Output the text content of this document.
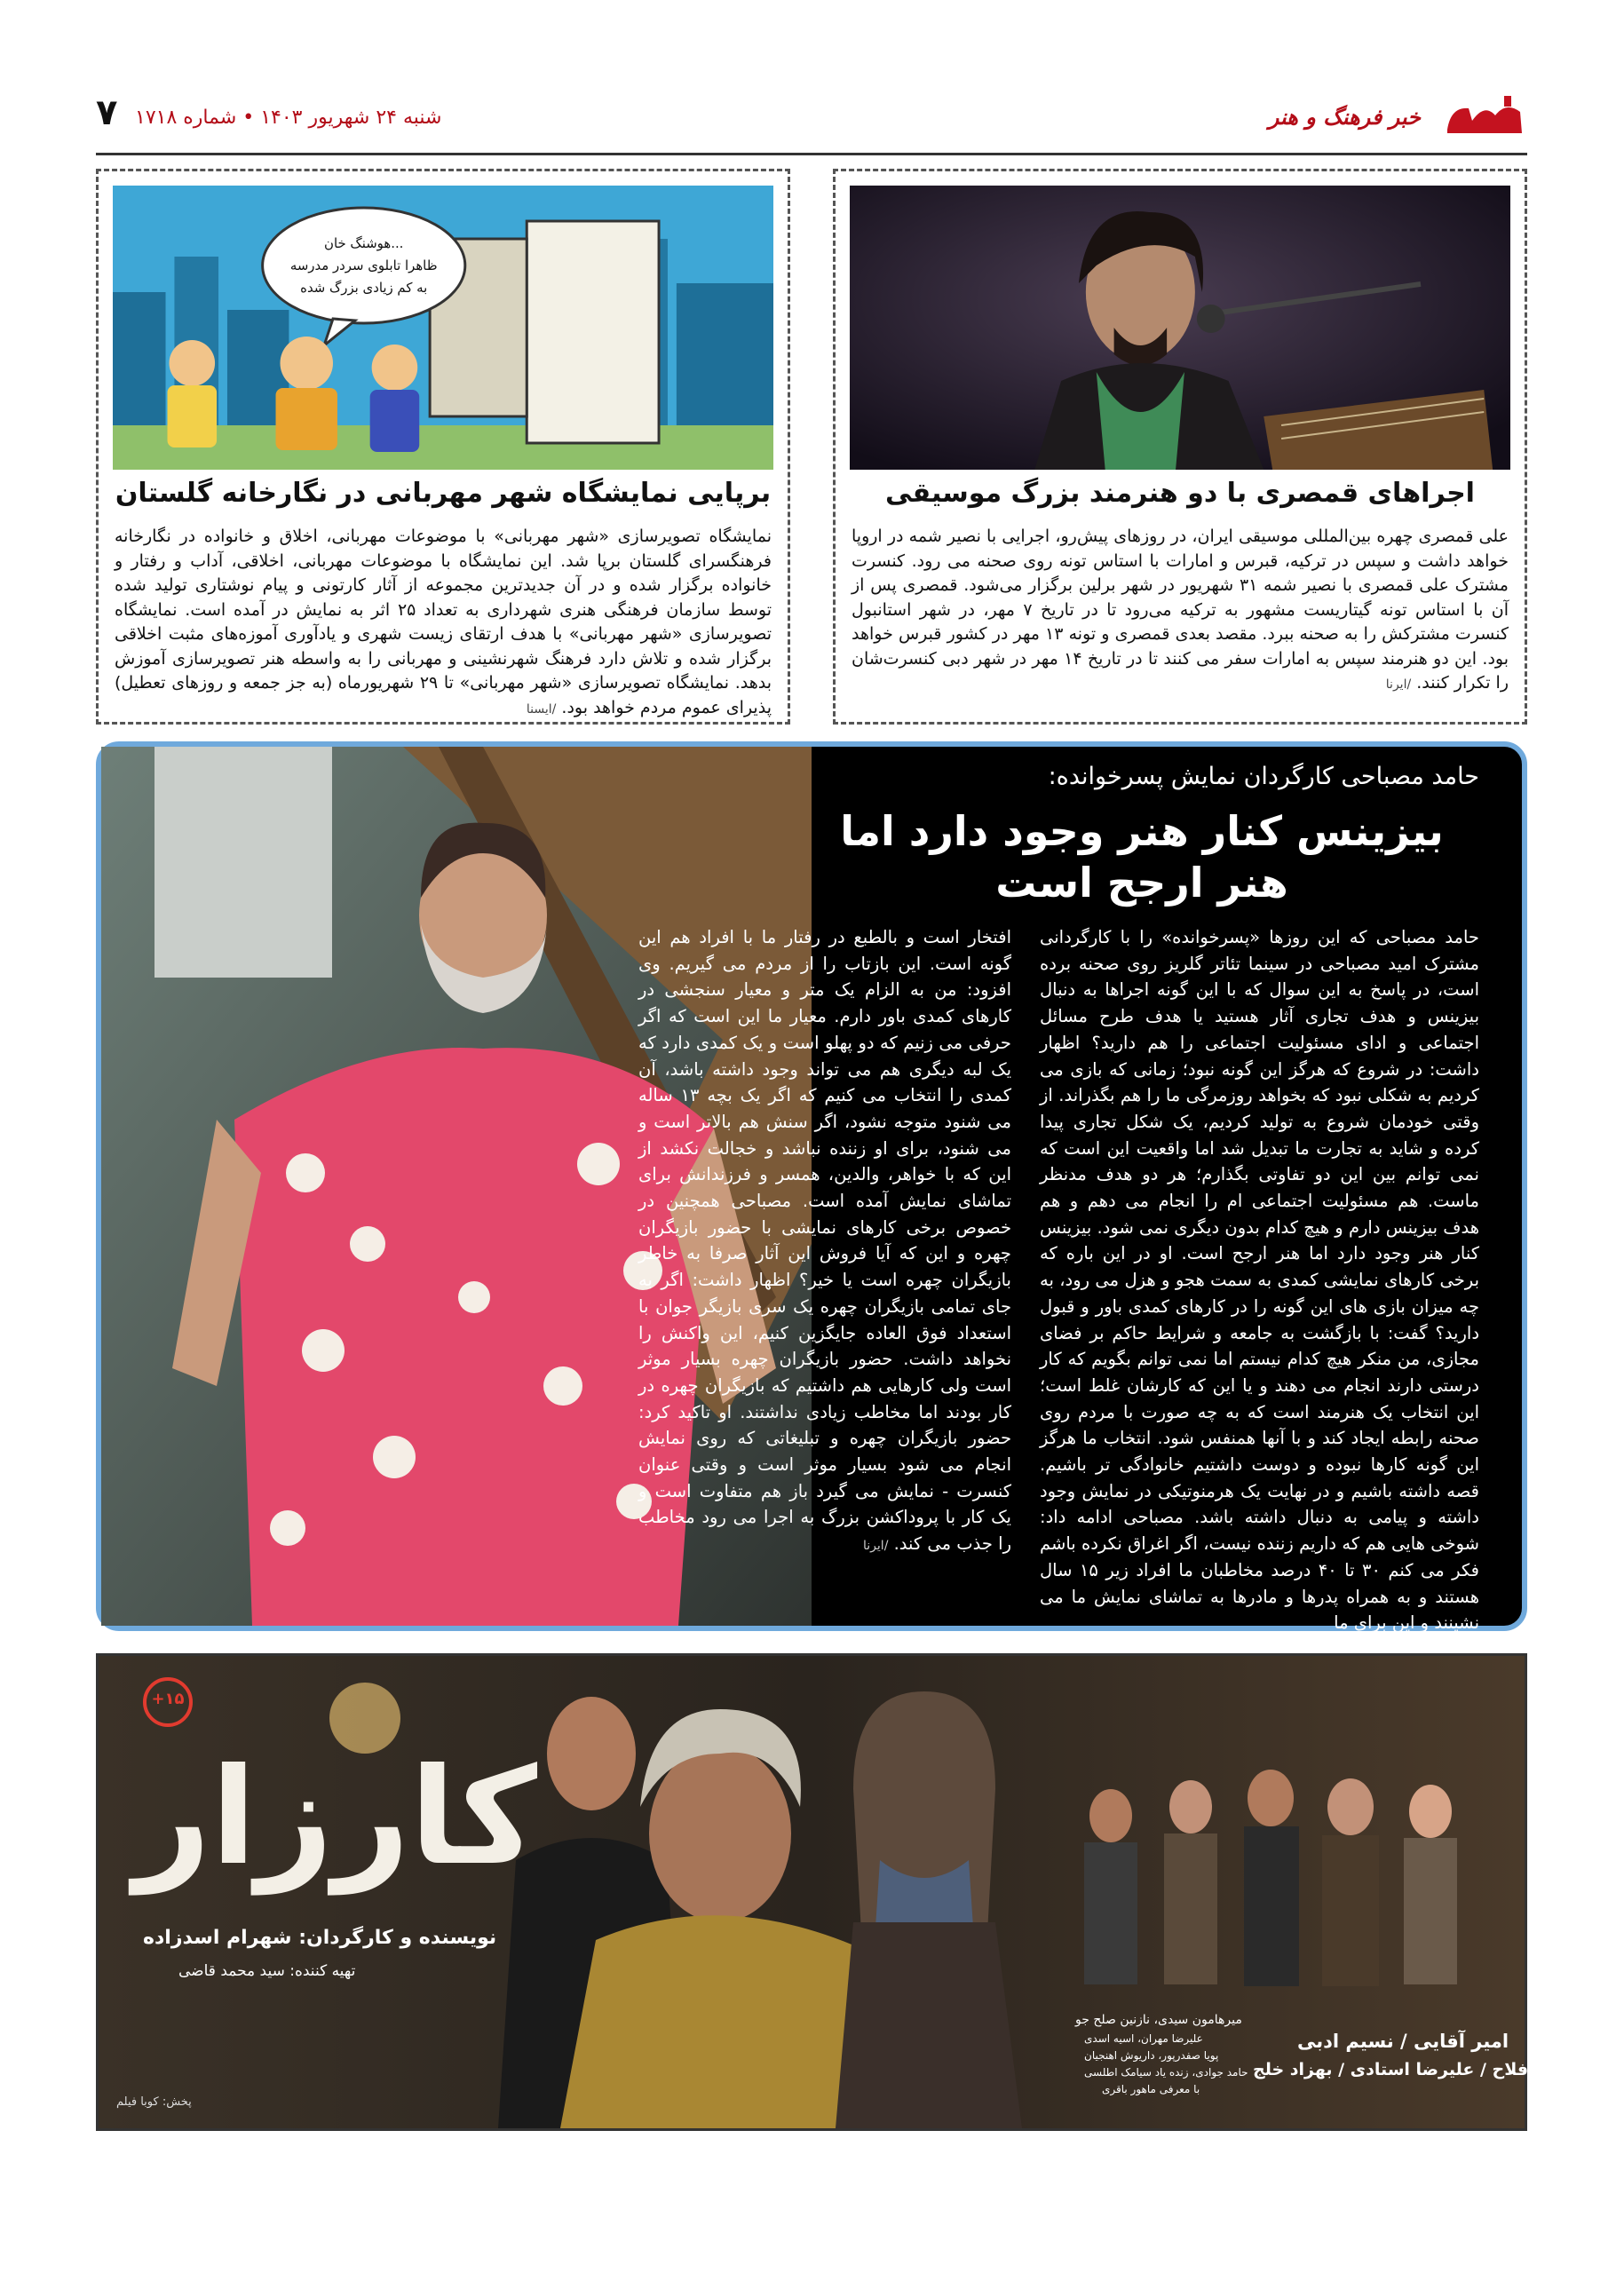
خبر فرهنگ و هنر
شنبه ۲۴ شهریور ۱۴۰۳ • شماره ۱۷۱۸
۷
اجراهای قمصری با دو هنرمند بزرگ موسیقی

علی قمصری چهره بین‌المللی موسیقی ایران، در روزهای پیش‌رو، اجرایی با نصیر شمه در اروپا خواهد داشت و سپس در ترکیه، قبرس و امارات با استاس تونه روی صحنه می رود. کنسرت مشترک علی قمصری با نصیر شمه ۳۱ شهریور در شهر برلین برگزار می‌شود. قمصری پس از آن با استاس تونه گیتاریست مشهور به ترکیه می‌رود تا در تاریخ ۷ مهر، در شهر استانبول کنسرت مشترکش را به صحنه ببرد. مقصد بعدی قمصری و تونه ۱۳ مهر در کشور قبرس خواهد بود. این دو هنرمند سپس به امارات سفر می کنند تا در تاریخ ۱۴ مهر در شهر دبی کنسرت‌شان را تکرار کنند. /ایرنا

هوشنگ خان...
ظاهرا تابلوی سردر مدرسه
به کم زیادی بزرگ شده
برپایی نمایشگاه شهر مهربانی در نگارخانه گلستان

نمایشگاه تصویرسازی «شهر مهربانی» با موضوعات مهربانی، اخلاق و خانواده در نگارخانه فرهنگسرای گلستان برپا شد. این نمایشگاه با موضوعات مهربانی، اخلاقی، آداب و رفتار و خانواده برگزار شده و در آن جدیدترین مجموعه از آثار کارتونی و پیام نوشتاری تولید شده توسط سازمان فرهنگی هنری شهرداری به تعداد ۲۵ اثر به نمایش در آمده است. نمایشگاه تصویرسازی «شهر مهربانی» با هدف ارتقای زیست شهری و یادآوری آموزه‌های مثبت اخلاقی برگزار شده و تلاش دارد فرهنگ شهرنشینی و مهربانی را به واسطه هنر تصویرسازی آموزش بدهد. نمایشگاه تصویرسازی «شهر مهربانی» تا ۲۹ شهریورماه (به جز جمعه و روزهای تعطیل) پذیرای عموم مردم خواهد بود. /ایسنا

حامد مصباحی کارگردان نمایش پسرخوانده:
بیزینس کنار هنر وجود دارد اما
هنر ارجح است

حامد مصباحی که این روزها «پسرخوانده» را با کارگردانی مشترک امید مصباحی در سینما تئاتر گلریز روی صحنه برده است، در پاسخ به این سوال که با این گونه اجراها به دنبال بیزینس و هدف تجاری آثار هستید یا هدف طرح مسائل اجتماعی و ادای مسئولیت اجتماعی را هم دارید؟ اظهار داشت: در شروع که هرگز این گونه نبود؛ زمانی که بازی می کردیم به شکلی نبود که بخواهد روزمرگی ما را هم بگذراند. از وقتی خودمان شروع به تولید کردیم، یک شکل تجاری پیدا کرده و شاید به تجارت ما تبدیل شد اما واقعیت این است که نمی توانم بین این دو تفاوتی بگذارم؛ هر دو هدف مدنظر ماست. هم مسئولیت اجتماعی ام را انجام می دهم و هم هدف بیزینس دارم و هیچ کدام بدون دیگری نمی شود. بیزینس کنار هنر وجود دارد اما هنر ارجح است. او در این باره که برخی کارهای نمایشی کمدی به سمت هجو و هزل می رود، به چه میزان بازی های این گونه را در کارهای کمدی باور و قبول دارید؟ گفت: با بازگشت به جامعه و شرایط حاکم بر فضای مجازی، من منکر هیچ کدام نیستم اما نمی توانم بگویم که کار درستی دارند انجام می دهند و یا این که کارشان غلط است؛ این انتخاب یک هنرمند است که به چه صورت با مردم روی صحنه رابطه ایجاد کند و با آنها همنفس شود. انتخاب ما هرگز این گونه کارها نبوده و دوست داشتیم خانوادگی تر باشیم. قصه داشته باشیم و در نهایت یک هرمنوتیکی در نمایش وجود داشته و پیامی به دنبال داشته باشد. مصباحی ادامه داد: شوخی هایی هم که داریم زننده نیست، اگر اغراق نکرده باشم فکر می کنم ۳۰ تا ۴۰ درصد مخاطبان ما افراد زیر ۱۵ سال هستند و به همراه پدرها و مادرها به تماشای نمایش ما می نشینند و این برای ما

افتخار است و بالطبع در رفتار ما با افراد هم این گونه است. این بازتاب را از مردم می گیریم. وی افزود: من به الزام یک متر و معیار سنجشی در کارهای کمدی باور دارم. معیار ما این است که اگر حرفی می زنیم که دو پهلو است و یک کمدی دارد که یک لبه دیگری هم می تواند وجود داشته باشد، آن کمدی را انتخاب می کنیم که اگر یک بچه ۱۳ ساله می شنود متوجه نشود، اگر سنش هم بالاتر است و می شنود، برای او زننده نباشد و خجالت نکشد از این که با خواهر، والدین، همسر و فرزندانش برای تماشای نمایش آمده است. مصباحی همچنین در خصوص برخی کارهای نمایشی با حضور بازیگران چهره و این که آیا فروش این آثار صرفا به خاطر بازیگران چهره است یا خیر؟ اظهار داشت: اگر به جای تمامی بازیگران چهره یک سری بازیگر جوان با استعداد فوق العاده جایگزین کنیم، این واکنش را نخواهد داشت. حضور بازیگران چهره بسیار موثر است ولی کارهایی هم داشتیم که بازیگران چهره در کار بودند اما مخاطب زیادی نداشتند. او تاکید کرد: حضور بازیگران چهره و تبلیغاتی که روی نمایش انجام می شود بسیار موثر است و وقتی عنوان کنسرت - نمایش می گیرد باز هم متفاوت است و یک کار با پروداکشن بزرگ به اجرا می رود مخاطب را جذب می کند. /ایرنا

+۱۵
کارزار
نویسنده و کارگردان: شهرام اسدزاده
تهیه کننده: سید محمد قاضی
پخش: کوبا فیلم
میرهامون سیدی، نازنین صلح جو
علیرضا مهران، اسیه اسدی
پویا صفدرپور، داریوش اهنجیان
حامد جوادی، زنده یاد سیامک اطلسی
با معرفی ماهور باقری
امیر آقایی / نسیم ادبی
نادر فلاح / علیرضا استادی / بهزاد خلج
